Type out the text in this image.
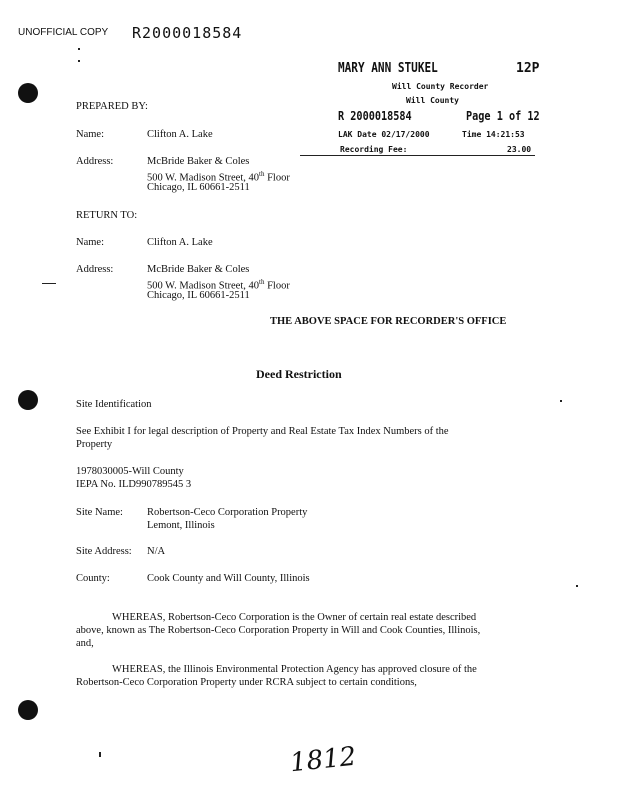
UNOFFICIAL COPY R2000018584
MARY ANN STUKEL	12P
Will County Recorder
Will County
R 2000018584	Page 1 of 12
LAK Date 02/17/2000	Time 14:21:53
Recording Fee:	23.00
PREPARED BY:
Name:	Clifton A. Lake
Address:	McBride Baker & Coles
500 W. Madison Street, 40th Floor
Chicago, IL 60661-2511
RETURN TO:
Name:	Clifton A. Lake
Address:	McBride Baker & Coles
500 W. Madison Street, 40th Floor
Chicago, IL 60661-2511
THE ABOVE SPACE FOR RECORDER'S OFFICE
Deed Restriction
Site Identification
See Exhibit I for legal description of Property and Real Estate Tax Index Numbers of the
Property
1978030005-Will County
IEPA No. ILD990789545 3
Site Name: Robertson-Ceco Corporation Property
Lemont, Illinois
Site Address: N/A
County:	Cook County and Will County, Illinois
WHEREAS, Robertson-Ceco Corporation is the Owner of certain real estate described
above, known as The Robertson-Ceco Corporation Property in Will and Cook Counties, Illinois,
and,
WHEREAS, the Illinois Environmental Protection Agency has approved closure of the
Robertson-Ceco Corporation Property under RCRA subject to certain conditions,
1812
